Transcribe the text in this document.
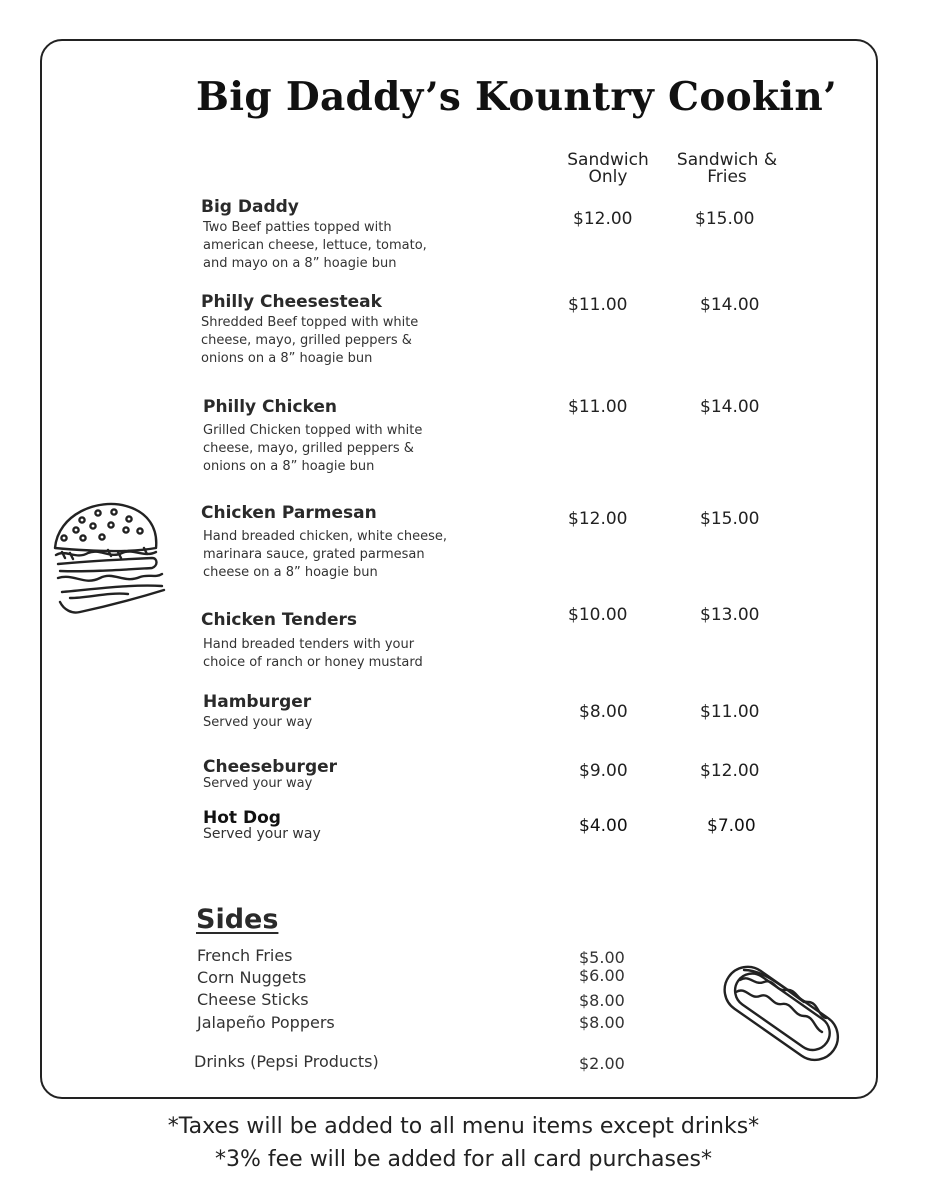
Big Daddy’s Kountry Cookin’
Sandwich
Only
Sandwich &
Fries
Big Daddy
Two Beef patties topped with
american cheese, lettuce, tomato,
and mayo on a 8” hoagie bun
$12.00	$15.00
Philly Cheesesteak
Shredded Beef topped with white
cheese, mayo, grilled peppers &
onions on a 8” hoagie bun
$11.00	$14.00
Philly Chicken
Grilled Chicken topped with white
cheese, mayo, grilled peppers &
onions on a 8” hoagie bun
$11.00	$14.00
Chicken Parmesan
Hand breaded chicken, white cheese,
marinara sauce, grated parmesan
cheese on a 8” hoagie bun
$12.00	$15.00
Chicken Tenders
Hand breaded tenders with your
choice of ranch or honey mustard
$10.00	$13.00
Hamburger
Served your way
$8.00	$11.00
Cheeseburger
Served your way
$9.00	$12.00
Hot Dog
Served your way	$4.00	$7.00
Sides
French Fries	$5.00
Corn Nuggets	$6.00
Cheese Sticks	$8.00
Jalapeño Poppers	$8.00
Drinks (Pepsi Products)	$2.00
*Taxes will be added to all menu items except drinks*
*3% fee will be added for all card purchases*
